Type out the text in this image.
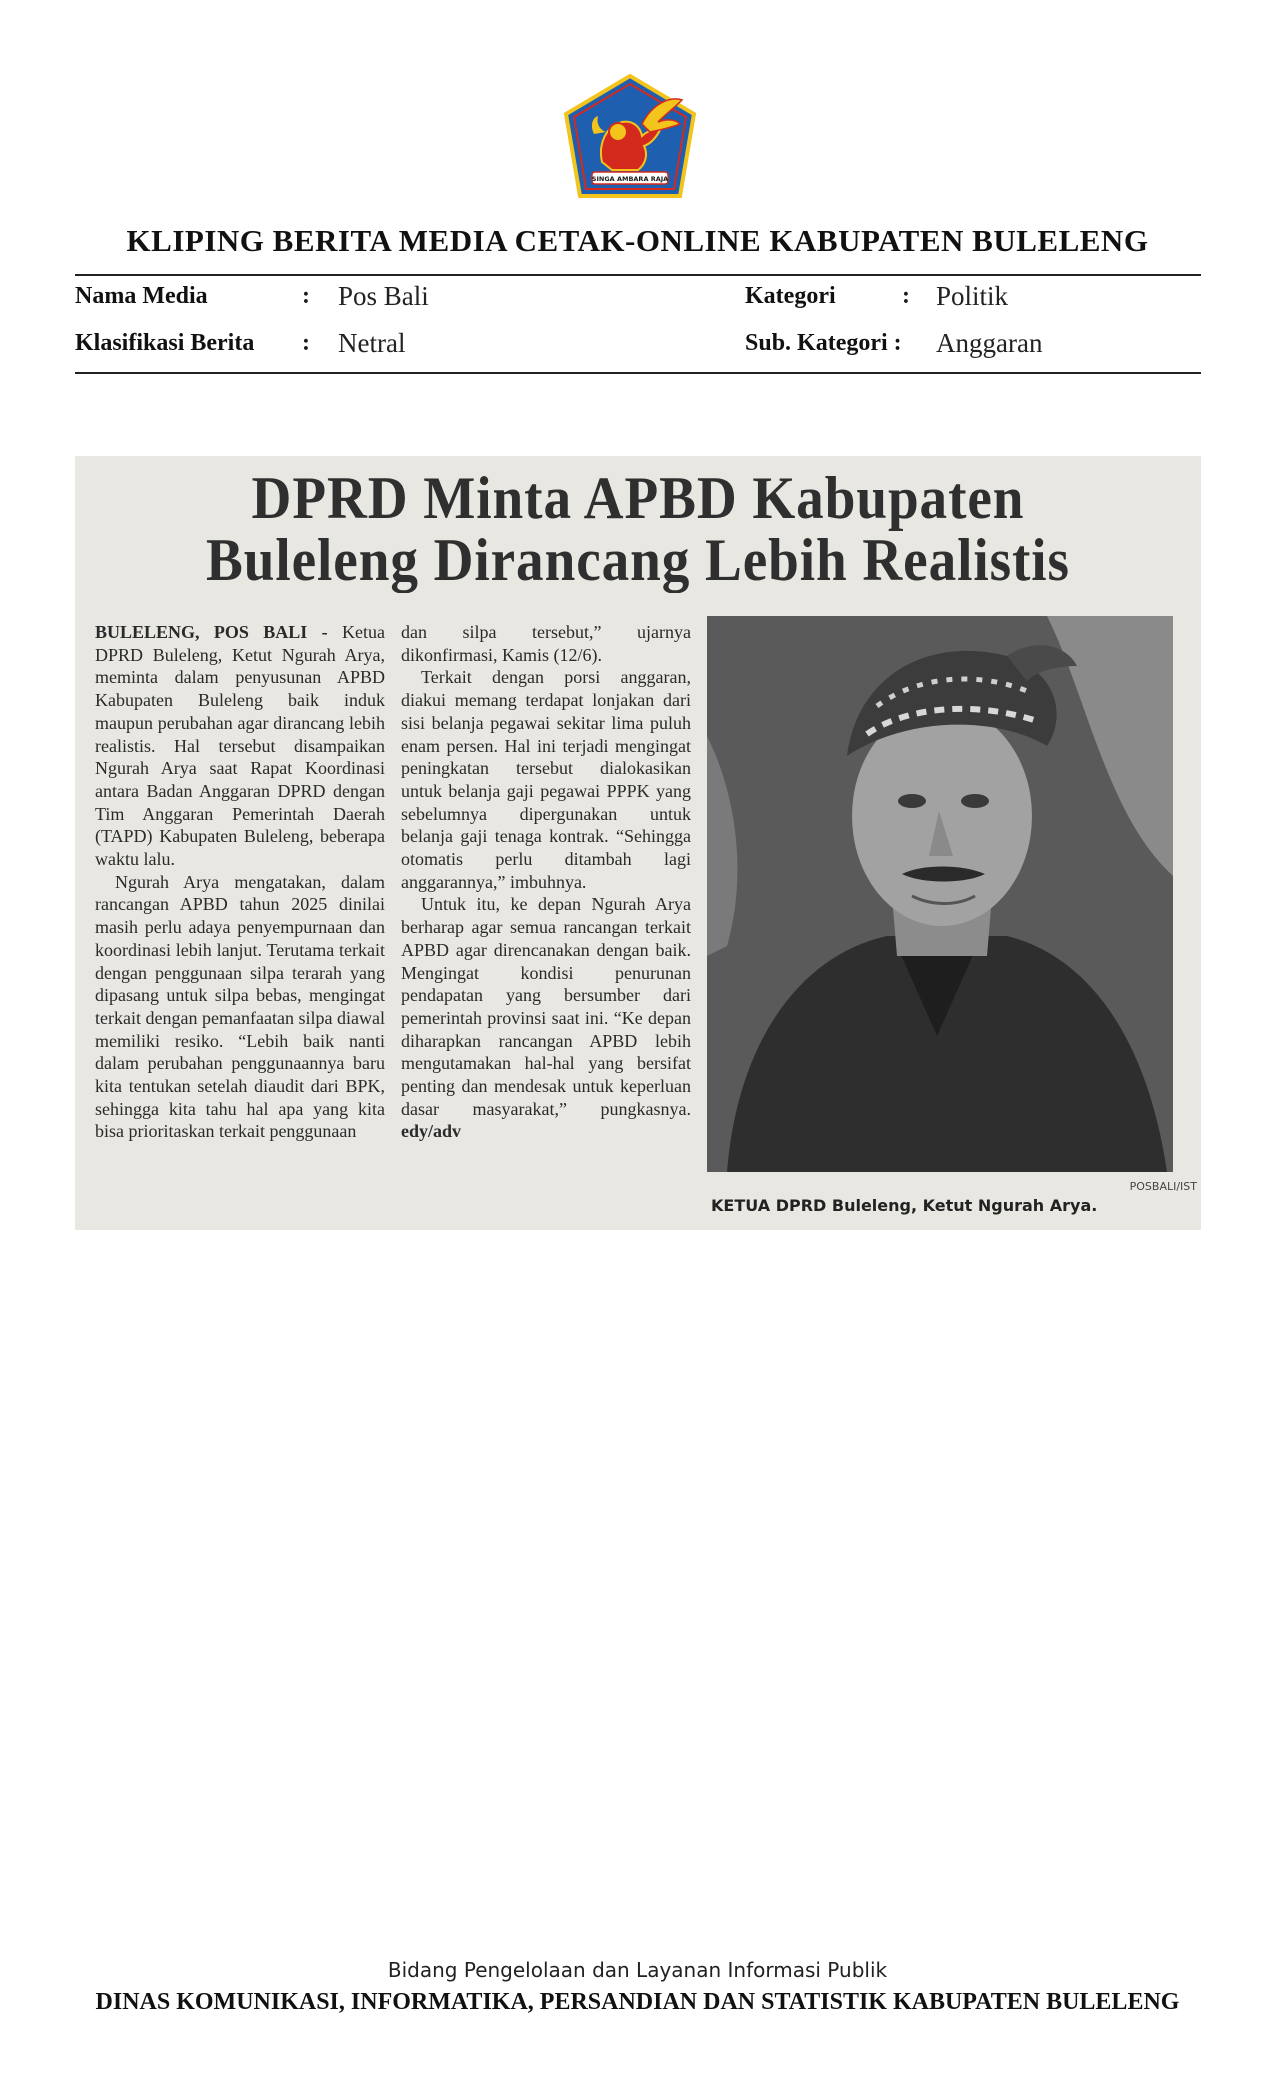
SINGA AMBARA RAJA
KLIPING BERITA MEDIA CETAK-ONLINE KABUPATEN BULELENG
Nama Media	: Pos Bali	Kategori	: Politik
Klasifikasi Berita : Netral	Sub. Kategori : Anggaran
DPRD Minta APBD Kabupaten
Buleleng Dirancang Lebih Realistis

BULELENG, POS BALI - Ketua DPRD Buleleng, Ketut Ngurah Arya, meminta dalam penyusunan APBD Kabupaten Buleleng baik induk maupun perubahan agar dirancang lebih realistis. Hal tersebut disampaikan Ngurah Arya saat Rapat Koordinasi antara Badan Anggaran DPRD dengan Tim Anggaran Pemerintah Daerah (TAPD) Kabupaten Buleleng, beberapa waktu lalu.

Ngurah Arya mengatakan, dalam rancangan APBD tahun 2025 dinilai masih perlu adaya penyempurnaan dan koordinasi lebih lanjut. Terutama terkait dengan penggunaan silpa terarah yang dipasang untuk silpa bebas, mengingat terkait dengan pemanfaatan silpa diawal memiliki resiko. “Lebih baik nanti dalam perubahan penggunaannya baru kita tentukan setelah diaudit dari BPK, sehingga kita tahu hal apa yang kita bisa prioritaskan terkait penggunaan

dan silpa tersebut,” ujarnya dikonfirmasi, Kamis (12/6).

Terkait dengan porsi anggaran, diakui memang terdapat lonjakan dari sisi belanja pegawai sekitar lima puluh enam persen. Hal ini terjadi mengingat peningkatan tersebut dialokasikan untuk belanja gaji pegawai PPPK yang sebelumnya dipergunakan untuk belanja gaji tenaga kontrak. “Sehingga otomatis perlu ditambah lagi anggarannya,” imbuhnya.

Untuk itu, ke depan Ngurah Arya berharap agar semua rancangan terkait APBD agar direncanakan dengan baik. Mengingat kondisi penurunan pendapatan yang bersumber dari pemerintah provinsi saat ini. “Ke depan diharapkan rancangan APBD lebih mengutamakan hal-hal yang bersifat penting dan mendesak untuk keperluan dasar masyarakat,” pungkasnya. edy/adv

POSBALI/IST
KETUA DPRD Buleleng, Ketut Ngurah Arya.
Bidang Pengelolaan dan Layanan Informasi Publik
DINAS KOMUNIKASI, INFORMATIKA, PERSANDIAN DAN STATISTIK KABUPATEN BULELENG
